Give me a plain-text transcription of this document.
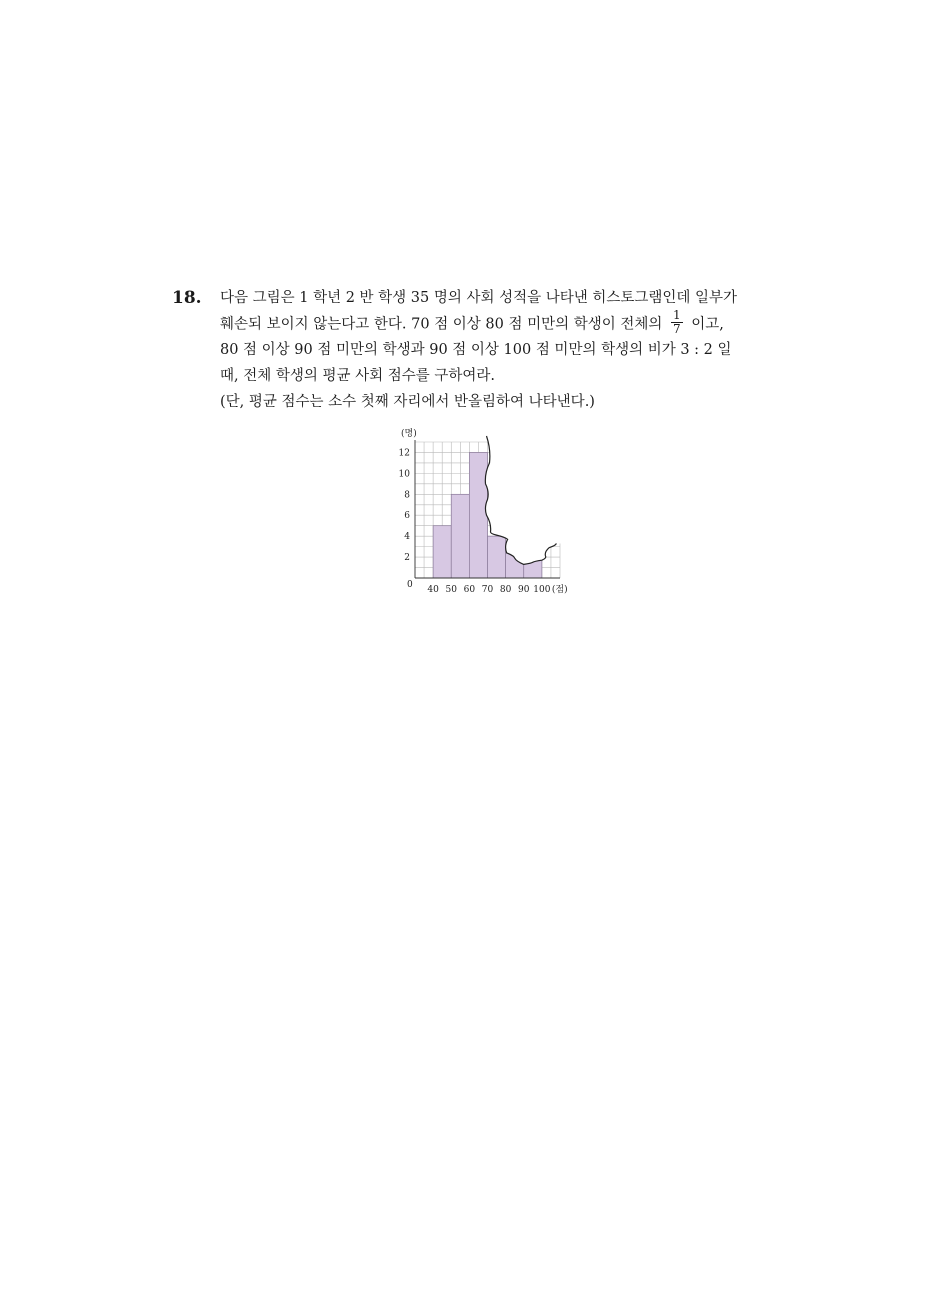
18. 다음 그림은 1 학년 2 반 학생 35 명의 사회 성적을 나타낸 히스토그램인데 일부가
훼손되 보이지 않는다고 한다. 70 점 이상 80 점 미만의 학생이 전체의 $\frac{1}{7}$ 이고,
80 점 이상 90 점 미만의 학생과 90 점 이상 100 점 미만의 학생의 비가 3 : 2 일
때, 전체 학생의 평균 사회 점수를 구하여라.
(단, 평균 점수는 소수 첫째 자리에서 반올림하여 나타낸다.)
(명)
(점)
0 40 50 60 70 80 90 100
2
4
6
8
10
12
